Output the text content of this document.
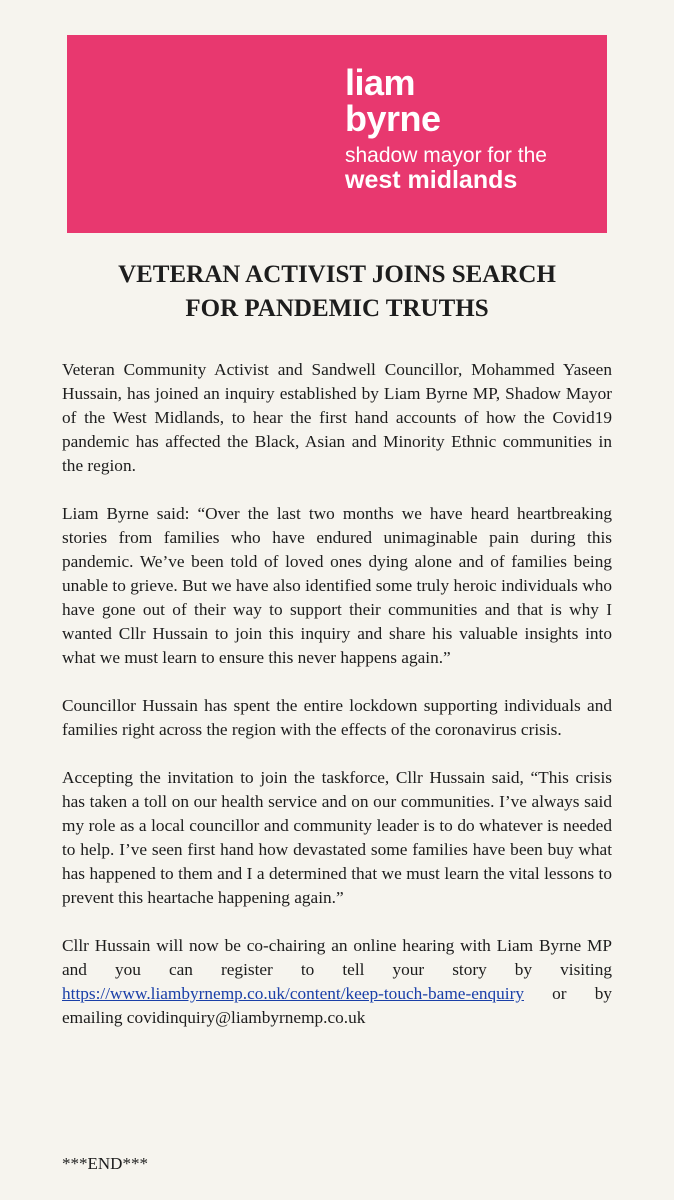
liam
byrne
shadow mayor for the
west midlands
VETERAN ACTIVIST JOINS SEARCH
FOR PANDEMIC TRUTHS

Veteran Community Activist and Sandwell Councillor, Mohammed Yaseen Hussain, has joined an inquiry established by Liam Byrne MP, Shadow Mayor of the West Midlands, to hear the first hand accounts of how the Covid19 pandemic has affected the Black, Asian and Minority Ethnic communities in the region.

Liam Byrne said: “Over the last two months we have heard heartbreaking stories from families who have endured unimaginable pain during this pandemic. We’ve been told of loved ones dying alone and of families being unable to grieve. But we have also identified some truly heroic individuals who have gone out of their way to support their communities and that is why I wanted Cllr Hussain to join this inquiry and share his valuable insights into what we must learn to ensure this never happens again.”

Councillor Hussain has spent the entire lockdown supporting individuals and families right across the region with the effects of the coronavirus crisis.

Accepting the invitation to join the taskforce, Cllr Hussain said, “This crisis has taken a toll on our health service and on our communities. I’ve always said my role as a local councillor and community leader is to do whatever is needed to help. I’ve seen first hand how devastated some families have been buy what has happened to them and I a determined that we must learn the vital lessons to prevent this heartache happening again.”

Cllr Hussain will now be co-chairing an online hearing with Liam Byrne MP and you can register to tell your story by visiting https://www.liambyrnemp.co.uk/content/keep-touch-bame-enquiry or by emailing covidinquiry@liambyrnemp.co.uk

***END***
